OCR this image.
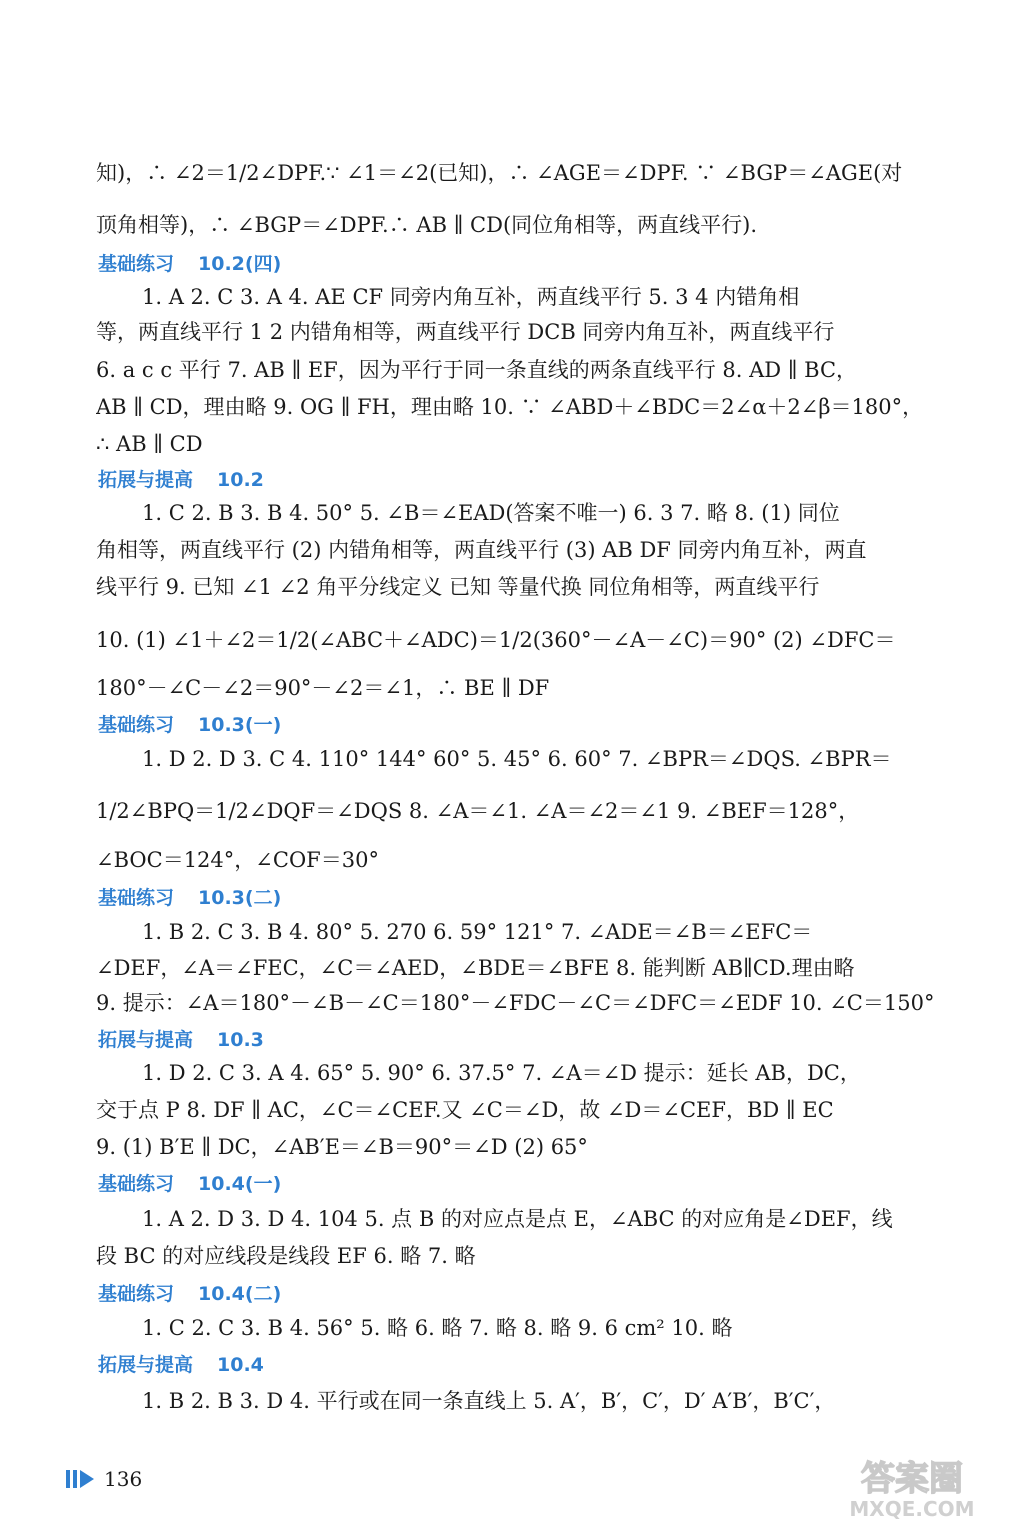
知)，∴ ∠2＝1/2∠DPF.∵ ∠1＝∠2(已知)，∴ ∠AGE＝∠DPF. ∵ ∠BGP＝∠AGE(对
顶角相等)，∴ ∠BGP＝∠DPF.∴ AB ∥ CD(同位角相等，两直线平行).
基础练习 10.2(四)
1. A 2. C 3. A 4. AE CF 同旁内角互补，两直线平行 5. 3 4 内错角相
等，两直线平行 1 2 内错角相等，两直线平行 DCB 同旁内角互补，两直线平行
6. a c c 平行 7. AB ∥ EF，因为平行于同一条直线的两条直线平行 8. AD ∥ BC，
AB ∥ CD，理由略 9. OG ∥ FH，理由略 10. ∵ ∠ABD＋∠BDC＝2∠α＋2∠β＝180°，
∴ AB ∥ CD
拓展与提高 10.2
1. C 2. B 3. B 4. 50° 5. ∠B＝∠EAD(答案不唯一) 6. 3 7. 略 8. (1) 同位
角相等，两直线平行 (2) 内错角相等，两直线平行 (3) AB DF 同旁内角互补，两直
线平行 9. 已知 ∠1 ∠2 角平分线定义 已知 等量代换 同位角相等，两直线平行
10. (1) ∠1＋∠2＝1/2(∠ABC＋∠ADC)＝1/2(360°－∠A－∠C)＝90° (2) ∠DFC＝
180°－∠C－∠2＝90°－∠2＝∠1，∴ BE ∥ DF
基础练习 10.3(一)
1. D 2. D 3. C 4. 110° 144° 60° 5. 45° 6. 60° 7. ∠BPR＝∠DQS. ∠BPR＝
1/2∠BPQ＝1/2∠DQF＝∠DQS 8. ∠A＝∠1. ∠A＝∠2＝∠1 9. ∠BEF＝128°，
∠BOC＝124°，∠COF＝30°
基础练习 10.3(二)
1. B 2. C 3. B 4. 80° 5. 270 6. 59° 121° 7. ∠ADE＝∠B＝∠EFC＝
∠DEF，∠A＝∠FEC，∠C＝∠AED，∠BDE＝∠BFE 8. 能判断 AB∥CD.理由略
9. 提示：∠A＝180°－∠B－∠C＝180°－∠FDC－∠C＝∠DFC＝∠EDF 10. ∠C＝150°
拓展与提高 10.3
1. D 2. C 3. A 4. 65° 5. 90° 6. 37.5° 7. ∠A＝∠D 提示：延长 AB，DC，
交于点 P 8. DF ∥ AC，∠C＝∠CEF.又 ∠C＝∠D，故 ∠D＝∠CEF，BD ∥ EC
9. (1) B′E ∥ DC，∠AB′E＝∠B＝90°＝∠D (2) 65°
基础练习 10.4(一)
1. A 2. D 3. D 4. 104 5. 点 B 的对应点是点 E，∠ABC 的对应角是∠DEF，线
段 BC 的对应线段是线段 EF 6. 略 7. 略
基础练习 10.4(二)
1. C 2. C 3. B 4. 56° 5. 略 6. 略 7. 略 8. 略 9. 6 cm² 10. 略
拓展与提高 10.4
1. B 2. B 3. D 4. 平行或在同一条直线上 5. A′，B′，C′，D′ A′B′，B′C′，
136	答案圈
MXQE.COM
